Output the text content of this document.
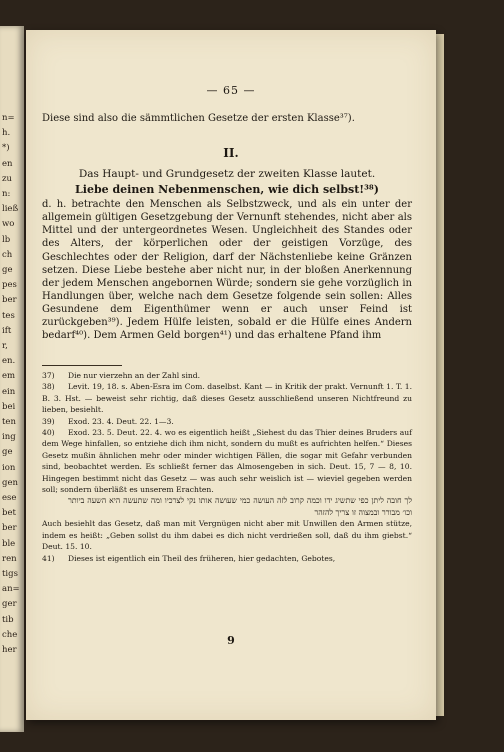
n=
h.
*)
en
zu
n:
ließ
wo
lb
ch
ge
pes
ber
tes
ift
r,
en.
em
ein
bei
ten
ing
ge
ion
gen
ese
bet
ber
ble
ren
tigs
an=
ger
tib
che
her
— 65 —
Diese sind also die sämmtlichen Gesetze der ersten Klasse³⁷).
II.
Das Haupt- und Grundgesetz der zweiten Klasse lautet.
Liebe deinen Nebenmenschen, wie dich selbst!³⁸)
d. h. betrachte den Menschen als Selbstzweck, und als ein unter der allgemein gültigen Gesetzgebung der Vernunft stehendes, nicht aber als Mittel und der untergeordnetes Wesen. Ungleichheit des Standes oder des Alters, der körperlichen oder der geistigen Vorzüge, des Geschlechtes oder der Religion, darf der Nächstenliebe keine Gränzen setzen. Diese Liebe bestehe aber nicht nur, in der bloßen Anerkennung der jedem Menschen angebornen Würde; sondern sie gehe vorzüglich in Handlungen über, welche nach dem Gesetze folgende sein sollen: Alles Gesundene dem Eigenthümer wenn er auch unser Feind ist zurückgeben³⁹). Jedem Hülfe leisten, sobald er die Hülfe eines Andern bedarf⁴⁰). Dem Armen Geld borgen⁴¹) und das erhaltene Pfand ihm
37) Die nur vierzehn an der Zahl sind.
38) Levit. 19, 18. s. Aben-Esra im Com. daselbst. Kant — in Kritik der prakt. Vernunft 1. T. 1. B. 3. Hst. — beweist sehr richtig, daß dieses Gesetz ausschließend unseren Nichtfreund zu lieben, besiehlt.
39) Exod. 23. 4. Deut. 22. 1—3.
40) Exod. 23. 5. Deut. 22. 4. wo es eigentlich heißt „Siehest du das Thier deines Bruders auf dem Wege hinfallen, so entziehe dich ihm nicht, sondern du mußt es aufrichten helfen.“ Dieses Gesetz mußin ähnlichen mehr oder minder wichtigen Fällen, die sogar mit Gefahr verbunden sind, beobachtet werden. Es schließt ferner das Almosengeben in sich. Deut. 15, 7 — 8, 10. Hingegen bestimmt nicht das Gesetz — was auch sehr weislich ist — wieviel gegeben werden soll; sondern überläßt es unserem Erachten.
לך חובה ליתן כפי שתשיג ידו וכמה קרוב לזה העושה כמי שעושה אותו נקי לצרכיו ומה שתעשה היא השעה ביותר וכו׳ מבורר ובמצוה זו צריך להזהר
Auch besiehlt das Gesetz, daß man mit Vergnügen nicht aber mit Unwillen den Armen stütze, indem es heißt: „Geben sollst du ihm dabei es dich nicht verdrießen soll, daß du ihm giebst.“ Deut. 15. 10.
41) Dieses ist eigentlich ein Theil des früheren, hier gedachten, Gebotes,
9
